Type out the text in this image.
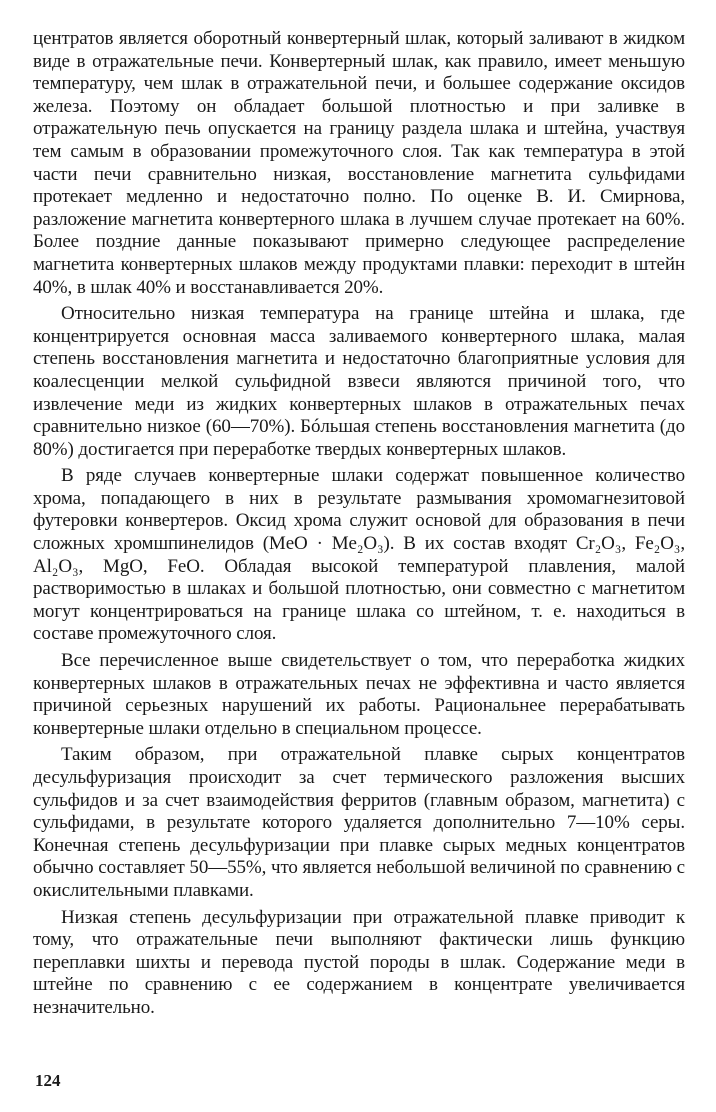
центратов является оборотный конвертерный шлак, который заливают в жидком виде в отражательные печи. Конвертерный шлак, как правило, имеет меньшую температуру, чем шлак в отражательной печи, и большее содержание оксидов железа. Поэтому он обладает большой плотностью и при заливке в отражательную печь опускается на границу раздела шлака и штейна, участвуя тем самым в образовании промежуточного слоя. Так как температура в этой части печи сравнительно низкая, восстановление магнетита сульфидами протекает медленно и недостаточно полно. По оценке В. И. Смирнова, разложение магнетита конвертерного шлака в лучшем случае протекает на 60%. Более поздние данные показывают примерно следующее распределение магнетита конвертерных шлаков между продуктами плавки: переходит в штейн 40%, в шлак 40% и восстанавливается 20%.

Относительно низкая температура на границе штейна и шлака, где концентрируется основная масса заливаемого конвертерного шлака, малая степень восстановления магнетита и недостаточно благоприятные условия для коалесценции мелкой сульфидной взвеси являются причиной того, что извлечение меди из жидких конвертерных шлаков в отражательных печах сравнительно низкое (60—70%). Бóльшая степень восстановления магнетита (до 80%) достигается при переработке твердых конвертерных шлаков.

В ряде случаев конвертерные шлаки содержат повышенное количество хрома, попадающего в них в результате размывания хромомагнезитовой футеровки конвертеров. Оксид хрома служит основой для образования в печи сложных хромшпинелидов (MeO · Me₂O₃). В их состав входят Cr₂O₃, Fe₂O₃, Al₂O₃, MgO, FeO. Обладая высокой температурой плавления, малой растворимостью в шлаках и большой плотностью, они совместно с магнетитом могут концентрироваться на границе шлака со штейном, т. е. находиться в составе промежуточного слоя.

Все перечисленное выше свидетельствует о том, что переработка жидких конвертерных шлаков в отражательных печах не эффективна и часто является причиной серьезных нарушений их работы. Рациональнее перерабатывать конвертерные шлаки отдельно в специальном процессе.

Таким образом, при отражательной плавке сырых концентратов десульфуризация происходит за счет термического разложения высших сульфидов и за счет взаимодействия ферритов (главным образом, магнетита) с сульфидами, в результате которого удаляется дополнительно 7—10% серы. Конечная степень десульфуризации при плавке сырых медных концентратов обычно составляет 50—55%, что является небольшой величиной по сравнению с окислительными плавками.

Низкая степень десульфуризации при отражательной плавке приводит к тому, что отражательные печи выполняют фактически лишь функцию переплавки шихты и перевода пустой породы в шлак. Содержание меди в штейне по сравнению с ее содержанием в концентрате увеличивается незначительно.

124
